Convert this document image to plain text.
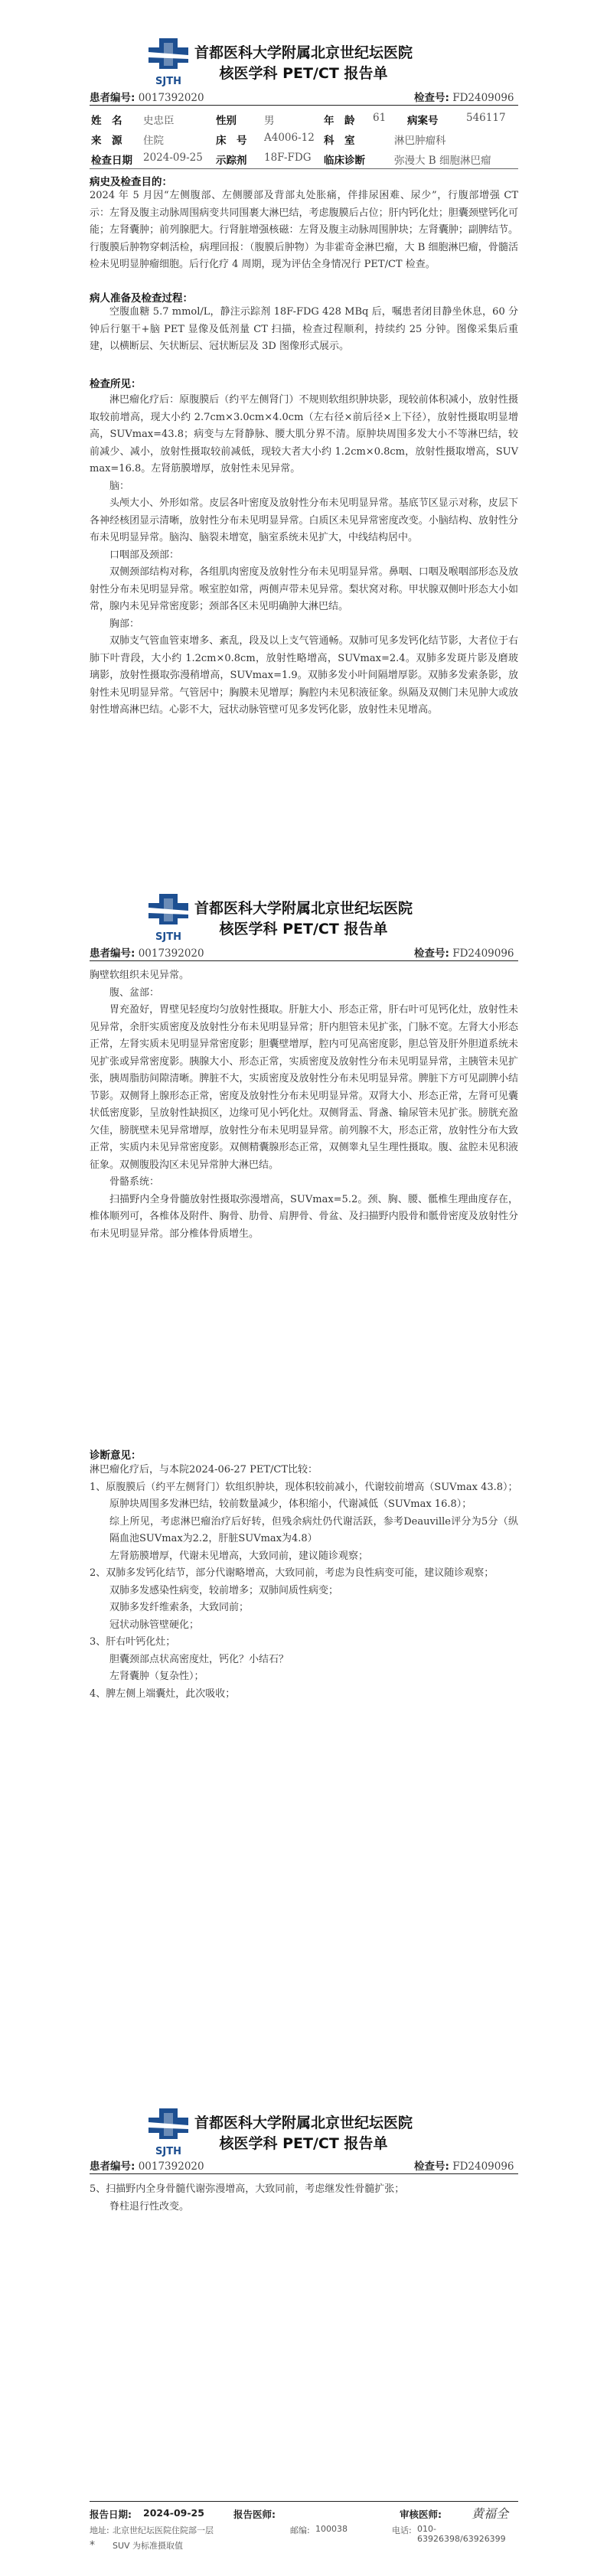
SJTH
首都医科大学附属北京世纪坛医院
核医学科 PET/CT 报告单
患者编号: 0017392020	检查号: FD2409096
姓　名 史忠臣	性别	男	年　龄 61 病案号	546117
来　源 住院	床　号 A4006-12 科　室	淋巴肿瘤科
检查日期 2024-09-25 示踪剂 18F-FDG 临床诊断	弥漫大 B 细胞淋巴瘤
病史及检查目的：

2024 年 5 月因“左侧腹部、左侧腰部及背部丸处胀痛，伴排尿困难、尿少”，行腹部增强 CT 示：左肾及腹主动脉周围病变共同围裹大淋巴结，考虑腹膜后占位；肝内钙化灶；胆囊颈壁钙化可能；左肾囊肿；前列腺肥大。行肾脏增强核磁：左肾及腹主动脉周围肿块；左肾囊肿；副脾结节。行腹膜后肿物穿刺活检，病理回报：（腹膜后肿物）为非霍奇金淋巴瘤，大 B 细胞淋巴瘤，骨髓活检未见明显肿瘤细胞。后行化疗 4 周期，现为评估全身情况行 PET/CT 检查。

病人准备及检查过程：

空腹血糖 5.7 mmol/L，静注示踪剂 18F-FDG 428 MBq 后，嘱患者闭目静坐休息，60 分钟后行躯干+脑 PET 显像及低剂量 CT 扫描，检查过程顺利，持续约 25 分钟。图像采集后重建，以横断层、矢状断层、冠状断层及 3D 图像形式展示。

检查所见：

淋巴瘤化疗后：原腹膜后（约平左侧肾门）不规则软组织肿块影，现较前体积减小，放射性摄取较前增高，现大小约 2.7cm×3.0cm×4.0cm（左右径×前后径×上下径），放射性摄取明显增高，SUVmax=43.8；病变与左肾静脉、腰大肌分界不清。原肿块周围多发大小不等淋巴结，较前减少、减小，放射性摄取较前减低，现较大者大小约 1.2cm×0.8cm，放射性摄取增高，SUVmax=16.8。左肾筋膜增厚，放射性未见异常。

脑：

头颅大小、外形如常。皮层各叶密度及放射性分布未见明显异常。基底节区显示对称，皮层下各神经核团显示清晰，放射性分布未见明显异常。白质区未见异常密度改变。小脑结构、放射性分布未见明显异常。脑沟、脑裂未增宽，脑室系统未见扩大，中线结构居中。

口咽部及颈部：

双侧颈部结构对称，各组肌肉密度及放射性分布未见明显异常。鼻咽、口咽及喉咽部形态及放射性分布未见明显异常。喉室腔如常，两侧声带未见异常。梨状窝对称。甲状腺双侧叶形态大小如常，腺内未见异常密度影；颈部各区未见明确肿大淋巴结。

胸部：

双肺支气管血管束增多、紊乱，段及以上支气管通畅。双肺可见多发钙化结节影，大者位于右肺下叶背段，大小约 1.2cm×0.8cm，放射性略增高，SUVmax=2.4。双肺多发斑片影及磨玻璃影，放射性摄取弥漫稍增高，SUVmax=1.9。双肺多发小叶间隔增厚影。双肺多发索条影，放射性未见明显异常。气管居中；胸膜未见增厚；胸腔内未见积液征象。纵隔及双侧门未见肿大或放射性增高淋巴结。心影不大，冠状动脉管壁可见多发钙化影，放射性未见增高。

SJTH
首都医科大学附属北京世纪坛医院
核医学科 PET/CT 报告单
患者编号: 0017392020	检查号: FD2409096

胸壁软组织未见异常。

腹、盆部：

胃充盈好，胃壁见轻度均匀放射性摄取。肝脏大小、形态正常，肝右叶可见钙化灶，放射性未见异常，余肝实质密度及放射性分布未见明显异常；肝内胆管未见扩张，门脉不宽。左肾大小形态正常，左肾实质未见明显异常密度影；胆囊壁增厚，腔内可见高密度影，胆总管及肝外胆道系统未见扩张或异常密度影。胰腺大小、形态正常，实质密度及放射性分布未见明显异常，主胰管未见扩张，胰周脂肪间隙清晰。脾脏不大，实质密度及放射性分布未见明显异常。脾脏下方可见副脾小结节影。双侧肾上腺形态正常，密度及放射性分布未见明显异常。双肾大小、形态正常，左肾可见囊状低密度影，呈放射性缺损区，边缘可见小钙化灶。双侧肾盂、肾盏、输尿管未见扩张。膀胱充盈欠佳，膀胱壁未见异常增厚，放射性分布未见明显异常。前列腺不大，形态正常，放射性分布大致正常，实质内未见异常密度影。双侧精囊腺形态正常，双侧睾丸呈生理性摄取。腹、盆腔未见积液征象。双侧腹股沟区未见异常肿大淋巴结。

骨骼系统：

扫描野内全身骨髓放射性摄取弥漫增高，SUVmax=5.2。颈、胸、腰、骶椎生理曲度存在，椎体顺列可，各椎体及附件、胸骨、肋骨、肩胛骨、骨盆、及扫描野内股骨和骶骨密度及放射性分布未见明显异常。部分椎体骨质增生。

诊断意见：

淋巴瘤化疗后，与本院2024-06-27 PET/CT比较：

1、原腹膜后（约平左侧肾门）软组织肿块，现体积较前减小，代谢较前增高（SUVmax 43.8）；

原肿块周围多发淋巴结，较前数量减少，体积缩小，代谢减低（SUVmax 16.8）；

综上所见，考虑淋巴瘤治疗后好转，但残余病灶仍代谢活跃，参考Deauville评分为5分（纵隔血池SUVmax为2.2，肝脏SUVmax为4.8）

左肾筋膜增厚，代谢未见增高，大致同前，建议随诊观察；

2、双肺多发钙化结节，部分代谢略增高，大致同前，考虑为良性病变可能，建议随诊观察；

双肺多发感染性病变，较前增多；双肺间质性病变；

双肺多发纤维索条，大致同前；

冠状动脉管壁硬化；

3、肝右叶钙化灶；

胆囊颈部点状高密度灶，钙化？小结石？

左肾囊肿（复杂性）；

4、脾左侧上端囊灶，此次吸收；

SJTH
首都医科大学附属北京世纪坛医院
核医学科 PET/CT 报告单
患者编号: 0017392020	检查号: FD2409096

5、扫描野内全身骨髓代谢弥漫增高，大致同前，考虑继发性骨髓扩张；

脊柱退行性改变。

报告日期: 2024-09-25	报告医师:	审核医师: 黄福全
地址: 北京世纪坛医院住院部一层	邮编: 100038	电话: 010-63926398/63926399
* SUV 为标准摄取值
